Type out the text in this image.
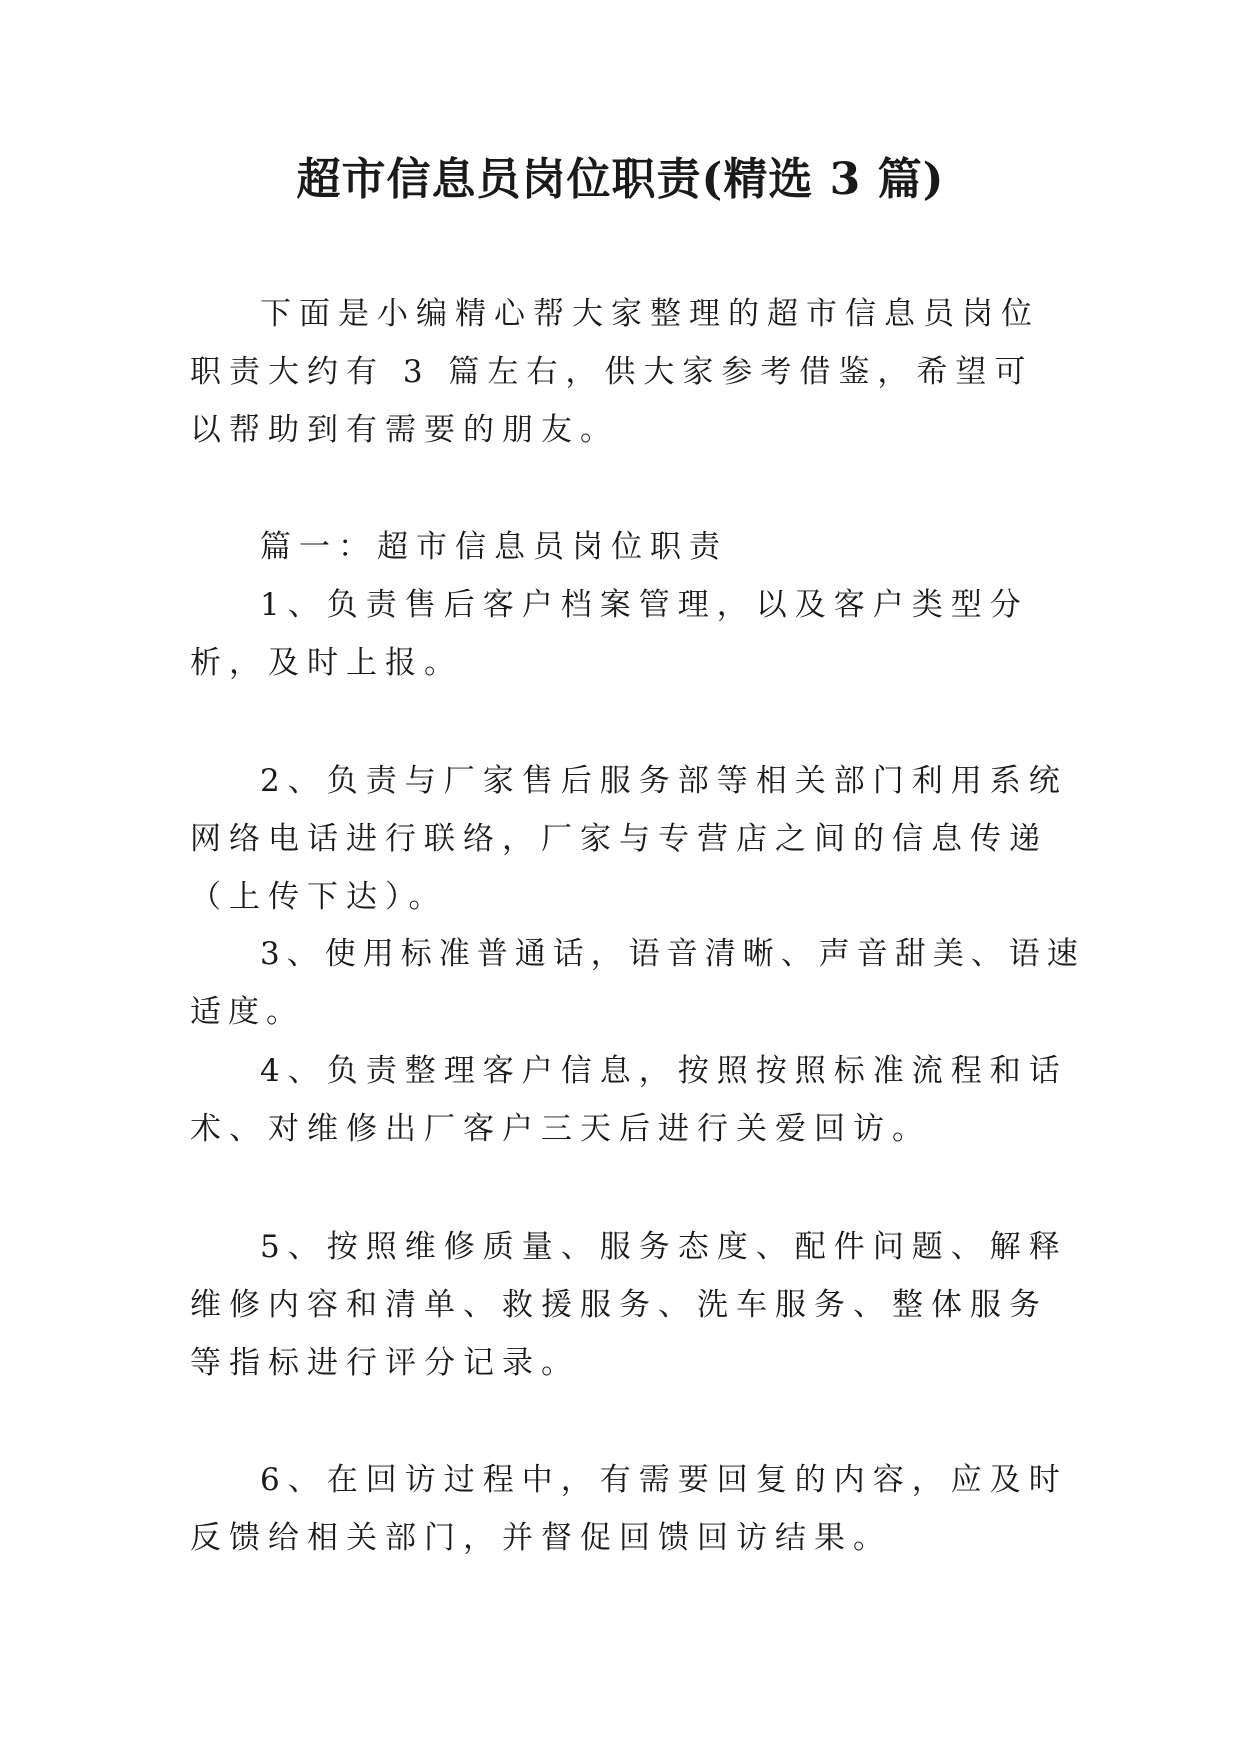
超市信息员岗位职责(精选 3 篇)

下面是小编精心帮大家整理的超市信息员岗位职责大约有 3 篇左右，供大家参考借鉴，希望可以帮助到有需要的朋友。

篇一：超市信息员岗位职责

1、负责售后客户档案管理，以及客户类型分析，及时上报。

2、负责与厂家售后服务部等相关部门利用系统网络电话进行联络，厂家与专营店之间的信息传递（上传下达）。

3、使用标准普通话，语音清晰、声音甜美、语速适度。

4、负责整理客户信息，按照按照标准流程和话术、对维修出厂客户三天后进行关爱回访。

5、按照维修质量、服务态度、配件问题、解释维修内容和清单、救援服务、洗车服务、整体服务等指标进行评分记录。

6、在回访过程中，有需要回复的内容，应及时反馈给相关部门，并督促回馈回访结果。
